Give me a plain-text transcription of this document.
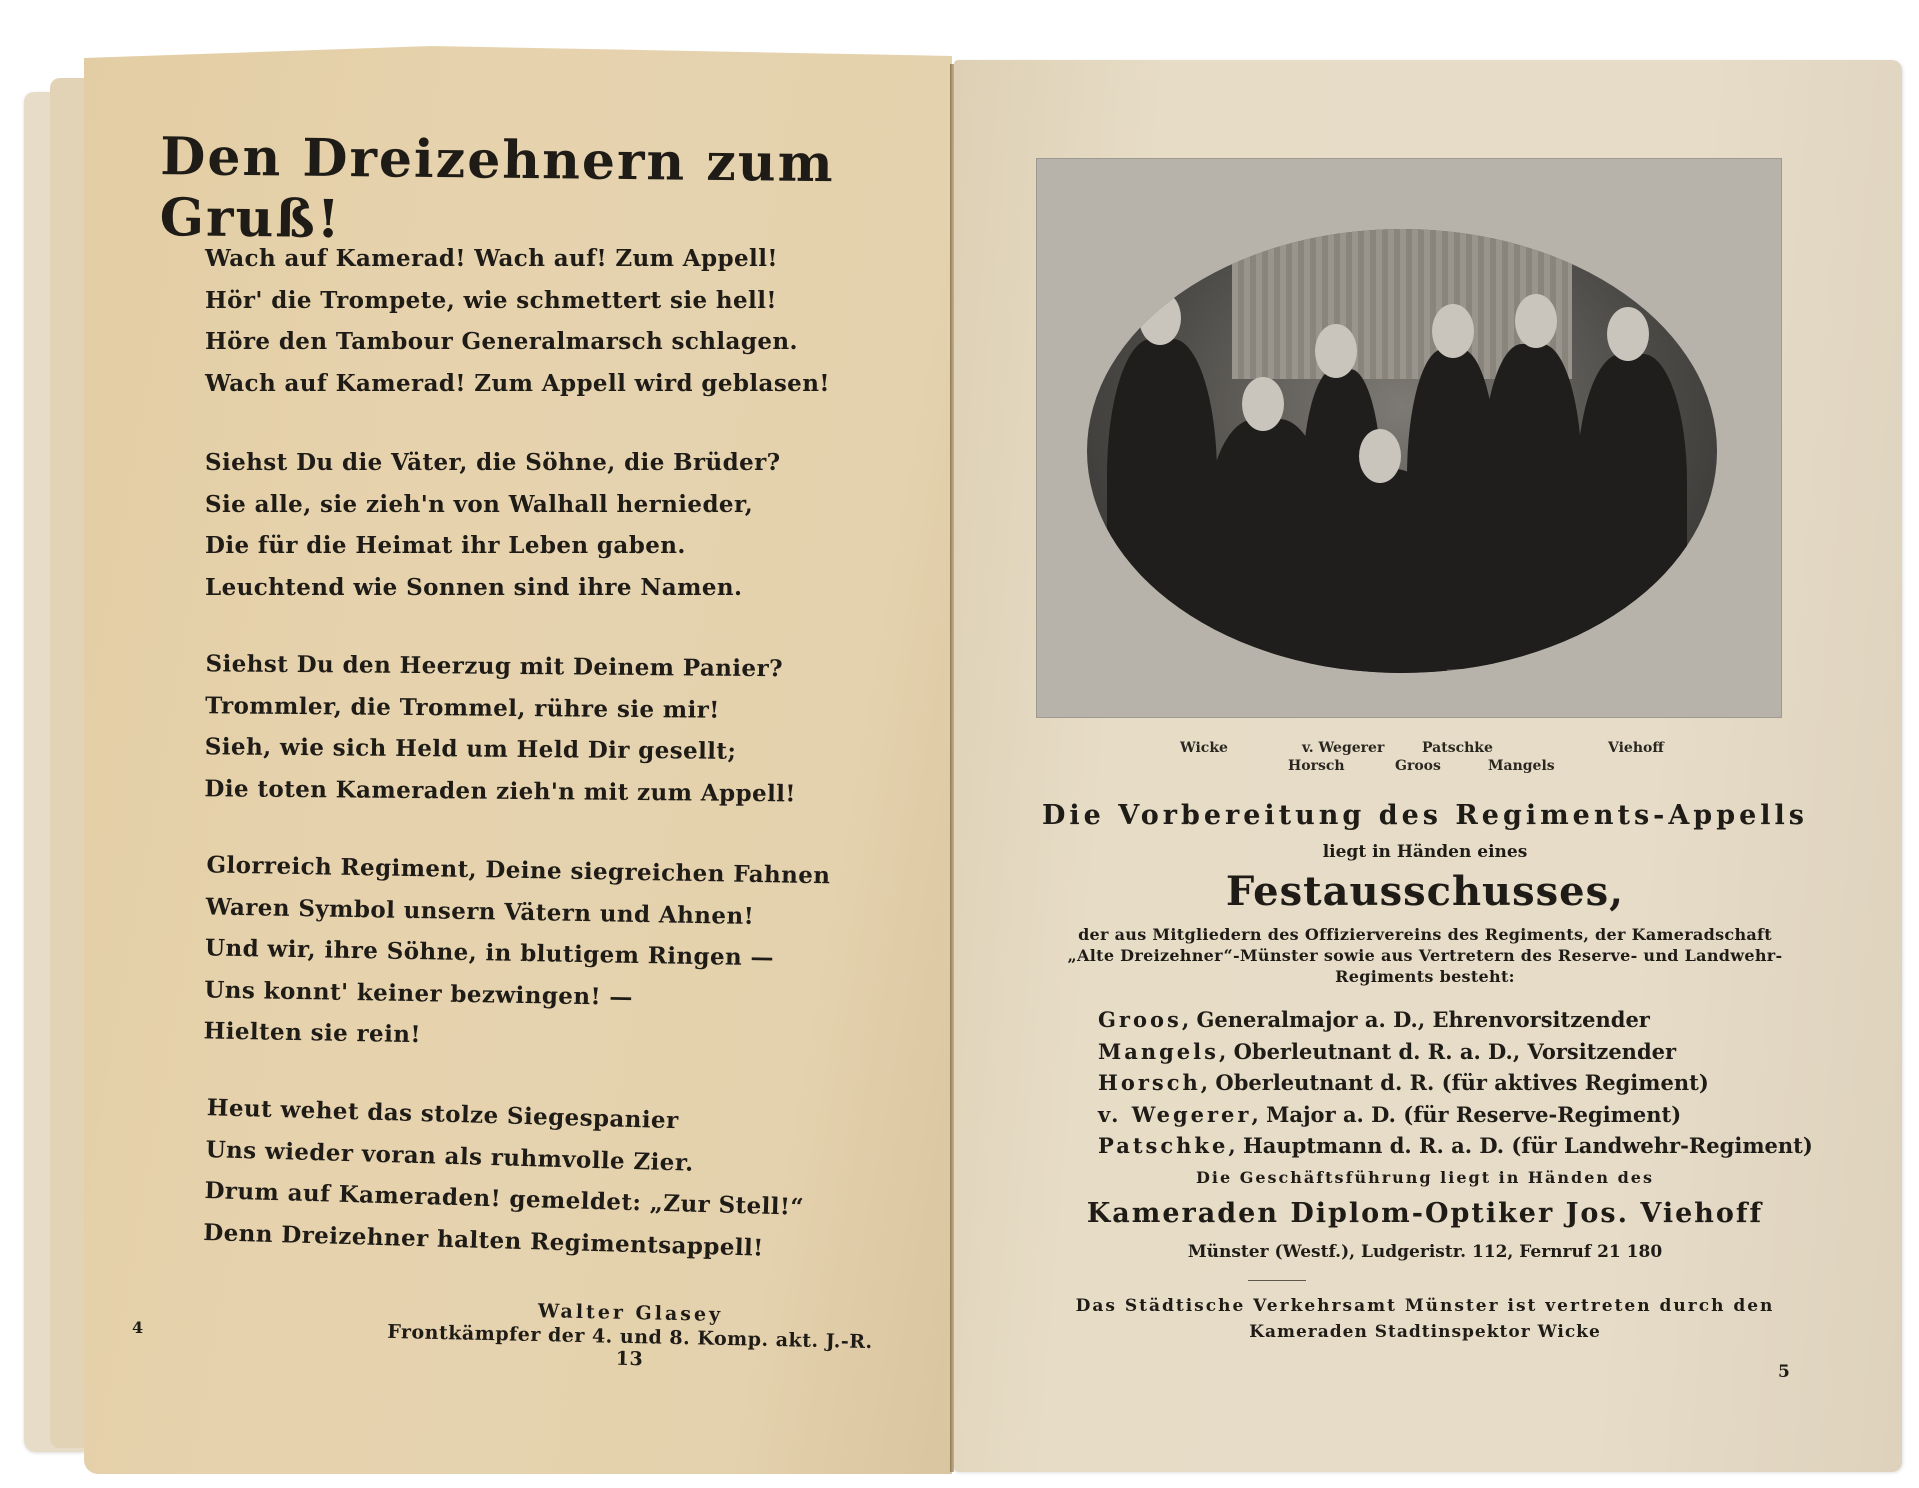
Den Dreizehnern zum Gruß!
Wach auf Kamerad! Wach auf! Zum Appell!
Hör' die Trompete, wie schmettert sie hell!
Höre den Tambour Generalmarsch schlagen.
Wach auf Kamerad! Zum Appell wird geblasen!
Siehst Du die Väter, die Söhne, die Brüder?
Sie alle, sie zieh'n von Walhall hernieder,
Die für die Heimat ihr Leben gaben.
Leuchtend wie Sonnen sind ihre Namen.
Siehst Du den Heerzug mit Deinem Panier?
Trommler, die Trommel, rühre sie mir!
Sieh, wie sich Held um Held Dir gesellt;
Die toten Kameraden zieh'n mit zum Appell!
Glorreich Regiment, Deine siegreichen Fahnen
Waren Symbol unsern Vätern und Ahnen!
Und wir, ihre Söhne, in blutigem Ringen —
Uns konnt' keiner bezwingen! —
Hielten sie rein!
Heut wehet das stolze Siegespanier
Uns wieder voran als ruhmvolle Zier.
Drum auf Kameraden! gemeldet: „Zur Stell!“
Denn Dreizehner halten Regimentsappell!
Walter Glasey
Frontkämpfer der 4. und 8. Komp. akt. J.-R. 13
4
Wicke	v. Wegerer	Patschke	Viehoff
Horsch	Groos	Mangels
Die Vorbereitung des Regiments-Appells
liegt in Händen eines
Festausschusses,
der aus Mitgliedern des Offiziervereins des Regiments, der Kameradschaft
„Alte Dreizehner“-Münster sowie aus Vertretern des Reserve- und Landwehr-
Regiments besteht:
Groos, Generalmajor a. D., Ehrenvorsitzender
Mangels, Oberleutnant d. R. a. D., Vorsitzender
Horsch, Oberleutnant d. R. (für aktives Regiment)
v. Wegerer, Major a. D. (für Reserve-Regiment)
Patschke, Hauptmann d. R. a. D. (für Landwehr-Regiment)
Die Geschäftsführung liegt in Händen des
Kameraden Diplom-Optiker Jos. Viehoff
Münster (Westf.), Ludgeristr. 112, Fernruf 21 180
Das Städtische Verkehrsamt Münster ist vertreten durch den
Kameraden Stadtinspektor Wicke
5
